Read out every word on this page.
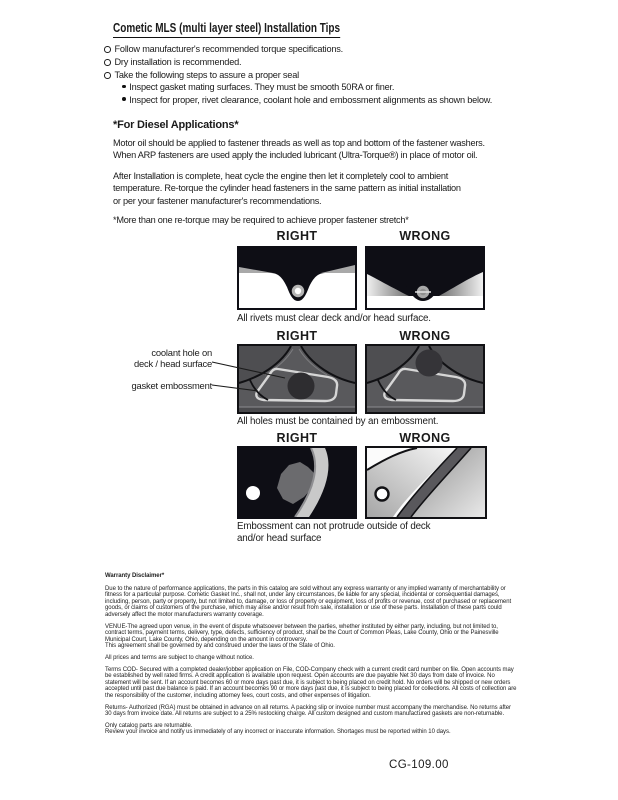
Cometic MLS (multi layer steel) Installation Tips
Follow manufacturer's recommended torque specifications.
Dry installation is recommended.
Take the following steps to assure a proper seal
Inspect gasket mating surfaces. They must be smooth 50RA or finer.
Inspect for proper, rivet clearance, coolant hole and embossment alignments as shown below.
*For Diesel Applications*
Motor oil should be applied to fastener threads as well as top and bottom of the fastener washers.
When ARP fasteners are used apply the included lubricant (Ultra-Torque®) in place of motor oil.
After Installation is complete, heat cycle the engine then let it completely cool to ambient
temperature. Re-torque the cylinder head fasteners in the same pattern as initial installation
or per your fastener manufacturer's recommendations.
*More than one re-torque may be required to achieve proper fastener stretch*
RIGHT	WRONG
All rivets must clear deck and/or head surface.
RIGHT	WRONG
coolant hole on
deck / head surface
gasket embossment
All holes must be contained by an embossment.
RIGHT	WRONG
Embossment can not protrude outside of deck
and/or head surface
Warranty Disclaimer*

Due to the nature of performance applications, the parts in this catalog are sold without any express warranty or any implied warranty of merchantability or fitness for a particular purpose. Cometic Gasket Inc., shall not, under any circumstances, be liable for any special, incidental or consequential damages, including, person, party or property, but not limited to, damage, or loss of property or equipment, loss of profits or revenue, cost of purchased or replacement goods, or claims of customers of the purchase, which may arise and/or result from sale, installation or use of these parts. Installation of these parts could adversely affect the motor manufacturers warranty coverage.

VENUE-The agreed upon venue, in the event of dispute whatsoever between the parties, whether instituted by either party, including, but not limited to, contract terms, payment terms, delivery, type, defects, sufficiency of product, shall be the Court of Common Pleas, Lake County, Ohio or the Painesville Municipal Court, Lake County, Ohio, depending on the amount in controversy.
This agreement shall be governed by and construed under the laws of the State of Ohio.

All prices and terms are subject to change without notice.

Terms COD- Secured with a completed dealer/jobber application on File, COD-Company check with a current credit card number on file. Open accounts may be established by well rated firms. A credit application is available upon request. Open accounts are due payable Net 30 days from date of invoice. No statement will be sent. If an account becomes 60 or more days past due, it is subject to being placed on credit hold. No orders will be shipped or new orders accepted until past due balance is paid. If an account becomes 90 or more days past due, it is subject to being placed for collections. All costs of collection are the responsibility of the customer, including attorney fees, court costs, and other expenses of litigation.

Returns- Authorized (RGA) must be obtained in advance on all returns. A packing slip or invoice number must accompany the merchandise. No returns after 30 days from invoice date. All returns are subject to a 25% restocking charge. All custom designed and custom manufactured gaskets are non-returnable.

Only catalog parts are returnable.
Review your invoice and notify us immediately of any incorrect or inaccurate information. Shortages must be reported within 10 days.

CG-109.00
